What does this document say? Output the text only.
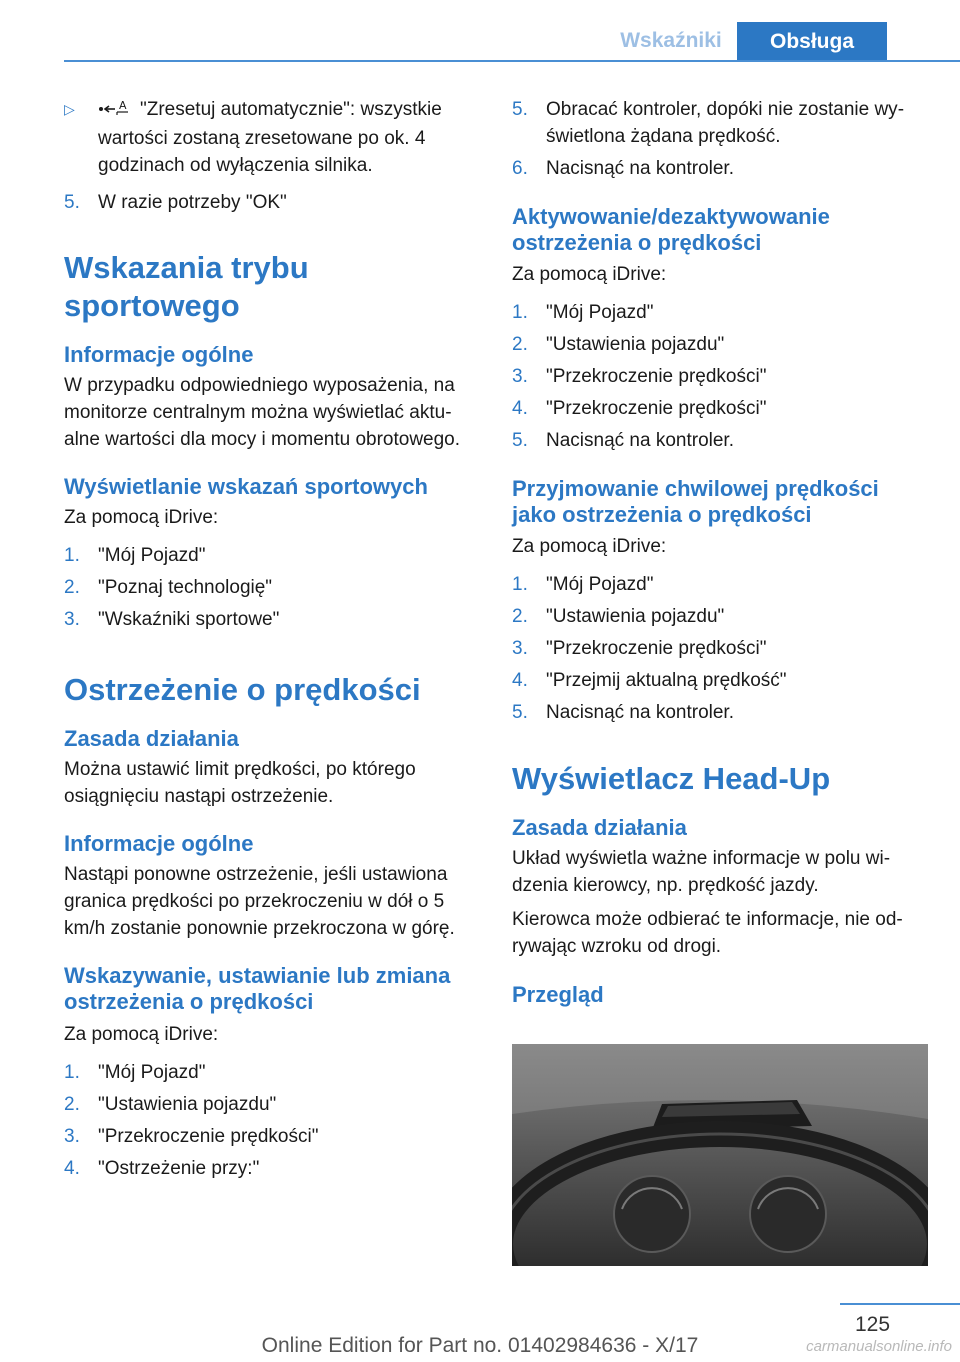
Wskaźniki	Obsługa
▷	A "Zresetuj automatycznie": wszystkie wartości zostaną zresetowane po ok. 4 godzinach od wyłączenia silnika.
5. W razie potrzeby "OK"
Wskazania trybu sportowego
Informacje ogólne

W przypadku odpowiedniego wyposażenia, na monitorze centralnym można wyświetlać aktualne wartości dla mocy i momentu obrotowego.

Wyświetlanie wskazań sportowych

Za pomocą iDrive:

1. "Mój Pojazd"
2. "Poznaj technologię"
3. "Wskaźniki sportowe"
Ostrzeżenie o prędkości
Zasada działania

Można ustawić limit prędkości, po którego osiągnięciu nastąpi ostrzeżenie.

Informacje ogólne

Nastąpi ponowne ostrzeżenie, jeśli ustawiona granica prędkości po przekroczeniu w dół o 5 km/h zostanie ponownie przekroczona w górę.

Wskazywanie, ustawianie lub zmiana ostrzeżenia o prędkości

Za pomocą iDrive:

1. "Mój Pojazd"
2. "Ustawienia pojazdu"
3. "Przekroczenie prędkości"
4. "Ostrzeżenie przy:"
5. Obracać kontroler, dopóki nie zostanie wyświetlona żądana prędkość.
6. Nacisnąć na kontroler.
Aktywowanie/dezaktywowanie ostrzeżenia o prędkości

Za pomocą iDrive:

1. "Mój Pojazd"
2. "Ustawienia pojazdu"
3. "Przekroczenie prędkości"
4. "Przekroczenie prędkości"
5. Nacisnąć na kontroler.
Przyjmowanie chwilowej prędkości jako ostrzeżenia o prędkości

Za pomocą iDrive:

1. "Mój Pojazd"
2. "Ustawienia pojazdu"
3. "Przekroczenie prędkości"
4. "Przejmij aktualną prędkość"
5. Nacisnąć na kontroler.
Wyświetlacz Head-Up
Zasada działania

Układ wyświetla ważne informacje w polu widzenia kierowcy, np. prędkość jazdy.

Kierowca może odbierać te informacje, nie odrywając wzroku od drogi.

Przegląd
125
Online Edition for Part no. 01402984636 - X/17	carmanualsonline.info
